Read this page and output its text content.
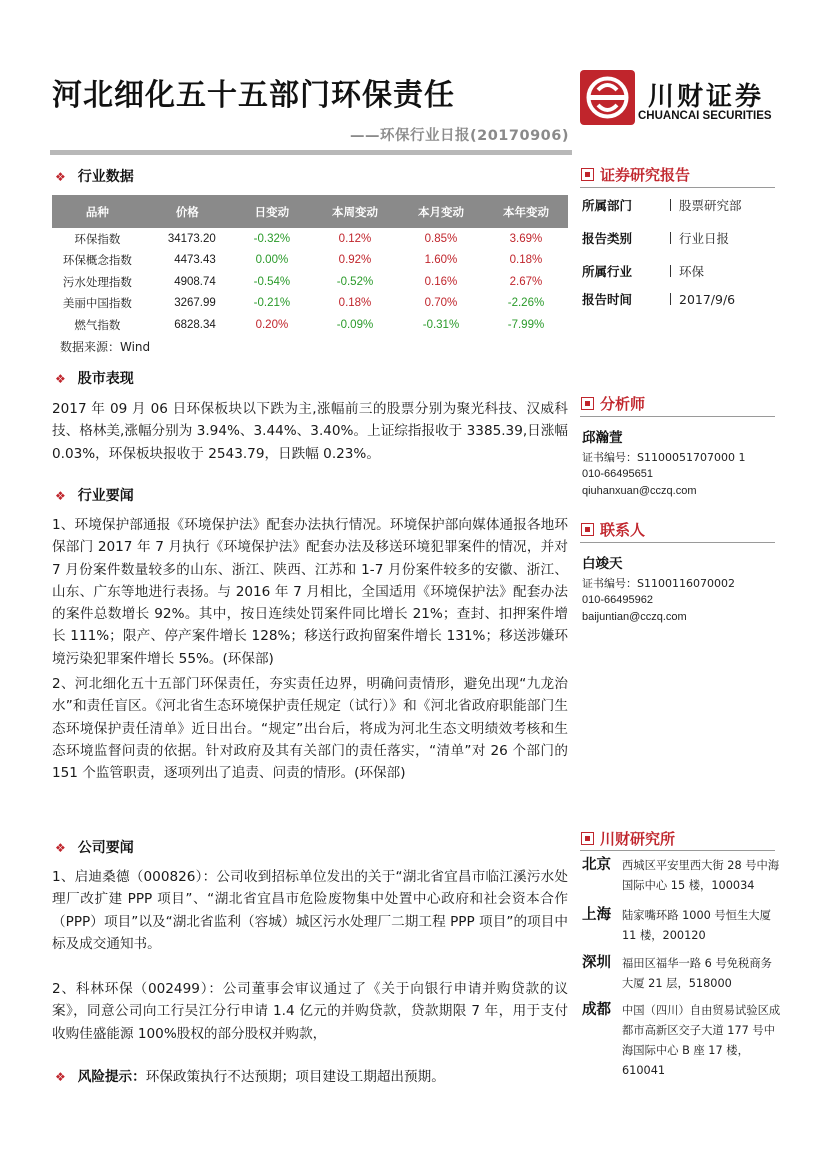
河北细化五十五部门环保责任
——环保行业日报(20170906)
川财证券
CHUANCAI SECURITIES
❖ 行业数据
品种	价格	日变动	本周变动	本月变动	本年变动
环保指数	34173.20	-0.32%	0.12%	0.85%	3.69%
环保概念指数	4473.43	0.00%	0.92%	1.60%	0.18%
污水处理指数	4908.74	-0.54%	-0.52%	0.16%	2.67%
美丽中国指数	3267.99	-0.21%	0.18%	0.70%	-2.26%
燃气指数	6828.34	0.20%	-0.09%	-0.31%	-7.99%
数据来源：Wind
❖ 股市表现

2017 年 09 月 06 日环保板块以下跌为主,涨幅前三的股票分别为聚光科技、汉威科技、格林美,涨幅分别为 3.94%、3.44%、3.40%。上证综指报收于 3385.39,日涨幅 0.03%，环保板块报收于 2543.79，日跌幅 0.23%。

❖ 行业要闻

1、环境保护部通报《环境保护法》配套办法执行情况。环境保护部向媒体通报各地环保部门 2017 年 7 月执行《环境保护法》配套办法及移送环境犯罪案件的情况，并对 7 月份案件数量较多的山东、浙江、陕西、江苏和 1-7 月份案件较多的安徽、浙江、山东、广东等地进行表扬。与 2016 年 7 月相比，全国适用《环境保护法》配套办法的案件总数增长 92%。其中，按日连续处罚案件同比增长 21%；查封、扣押案件增长 111%；限产、停产案件增长 128%；移送行政拘留案件增长 131%；移送涉嫌环境污染犯罪案件增长 55%。(环保部)

2、河北细化五十五部门环保责任，夯实责任边界，明确问责情形，避免出现“九龙治水”和责任盲区。《河北省生态环境保护责任规定（试行）》和《河北省政府职能部门生态环境保护责任清单》近日出台。“规定”出台后，将成为河北生态文明绩效考核和生态环境监督问责的依据。针对政府及其有关部门的责任落实，“清单”对 26 个部门的 151 个监管职责，逐项列出了追责、问责的情形。(环保部)

❖ 公司要闻

1、启迪桑德（000826）：公司收到招标单位发出的关于“湖北省宜昌市临江溪污水处理厂改扩建 PPP 项目”、“湖北省宜昌市危险废物集中处置中心政府和社会资本合作（PPP）项目”以及“湖北省监利（容城）城区污水处理厂二期工程 PPP 项目”的项目中标及成交通知书。

2、科林环保（002499）：公司董事会审议通过了《关于向银行申请并购贷款的议案》，同意公司向工行吴江分行申请 1.4 亿元的并购贷款，贷款期限 7 年，用于支付收购佳盛能源 100%股权的部分股权并购款，

❖ 风险提示：环保政策执行不达预期；项目建设工期超出预期。
证券研究报告
所属部门	股票研究部
报告类别	行业日报
所属行业	环保
报告时间	2017/9/6
分析师
邱瀚萱
证书编号：S1100051707000 1
010-66495651
qiuhanxuan@cczq.com
联系人
白竣天
证书编号：S1100116070002
010-66495962
baijuntian@cczq.com
川财研究所
北京 西城区平安里西大街 28 号中海国际中心 15 楼，100034
上海 陆家嘴环路 1000 号恒生大厦 11 楼，200120
深圳 福田区福华一路 6 号免税商务大厦 21 层，518000
成都 中国（四川）自由贸易试验区成都市高新区交子大道 177 号中海国际中心 B 座 17 楼，610041
